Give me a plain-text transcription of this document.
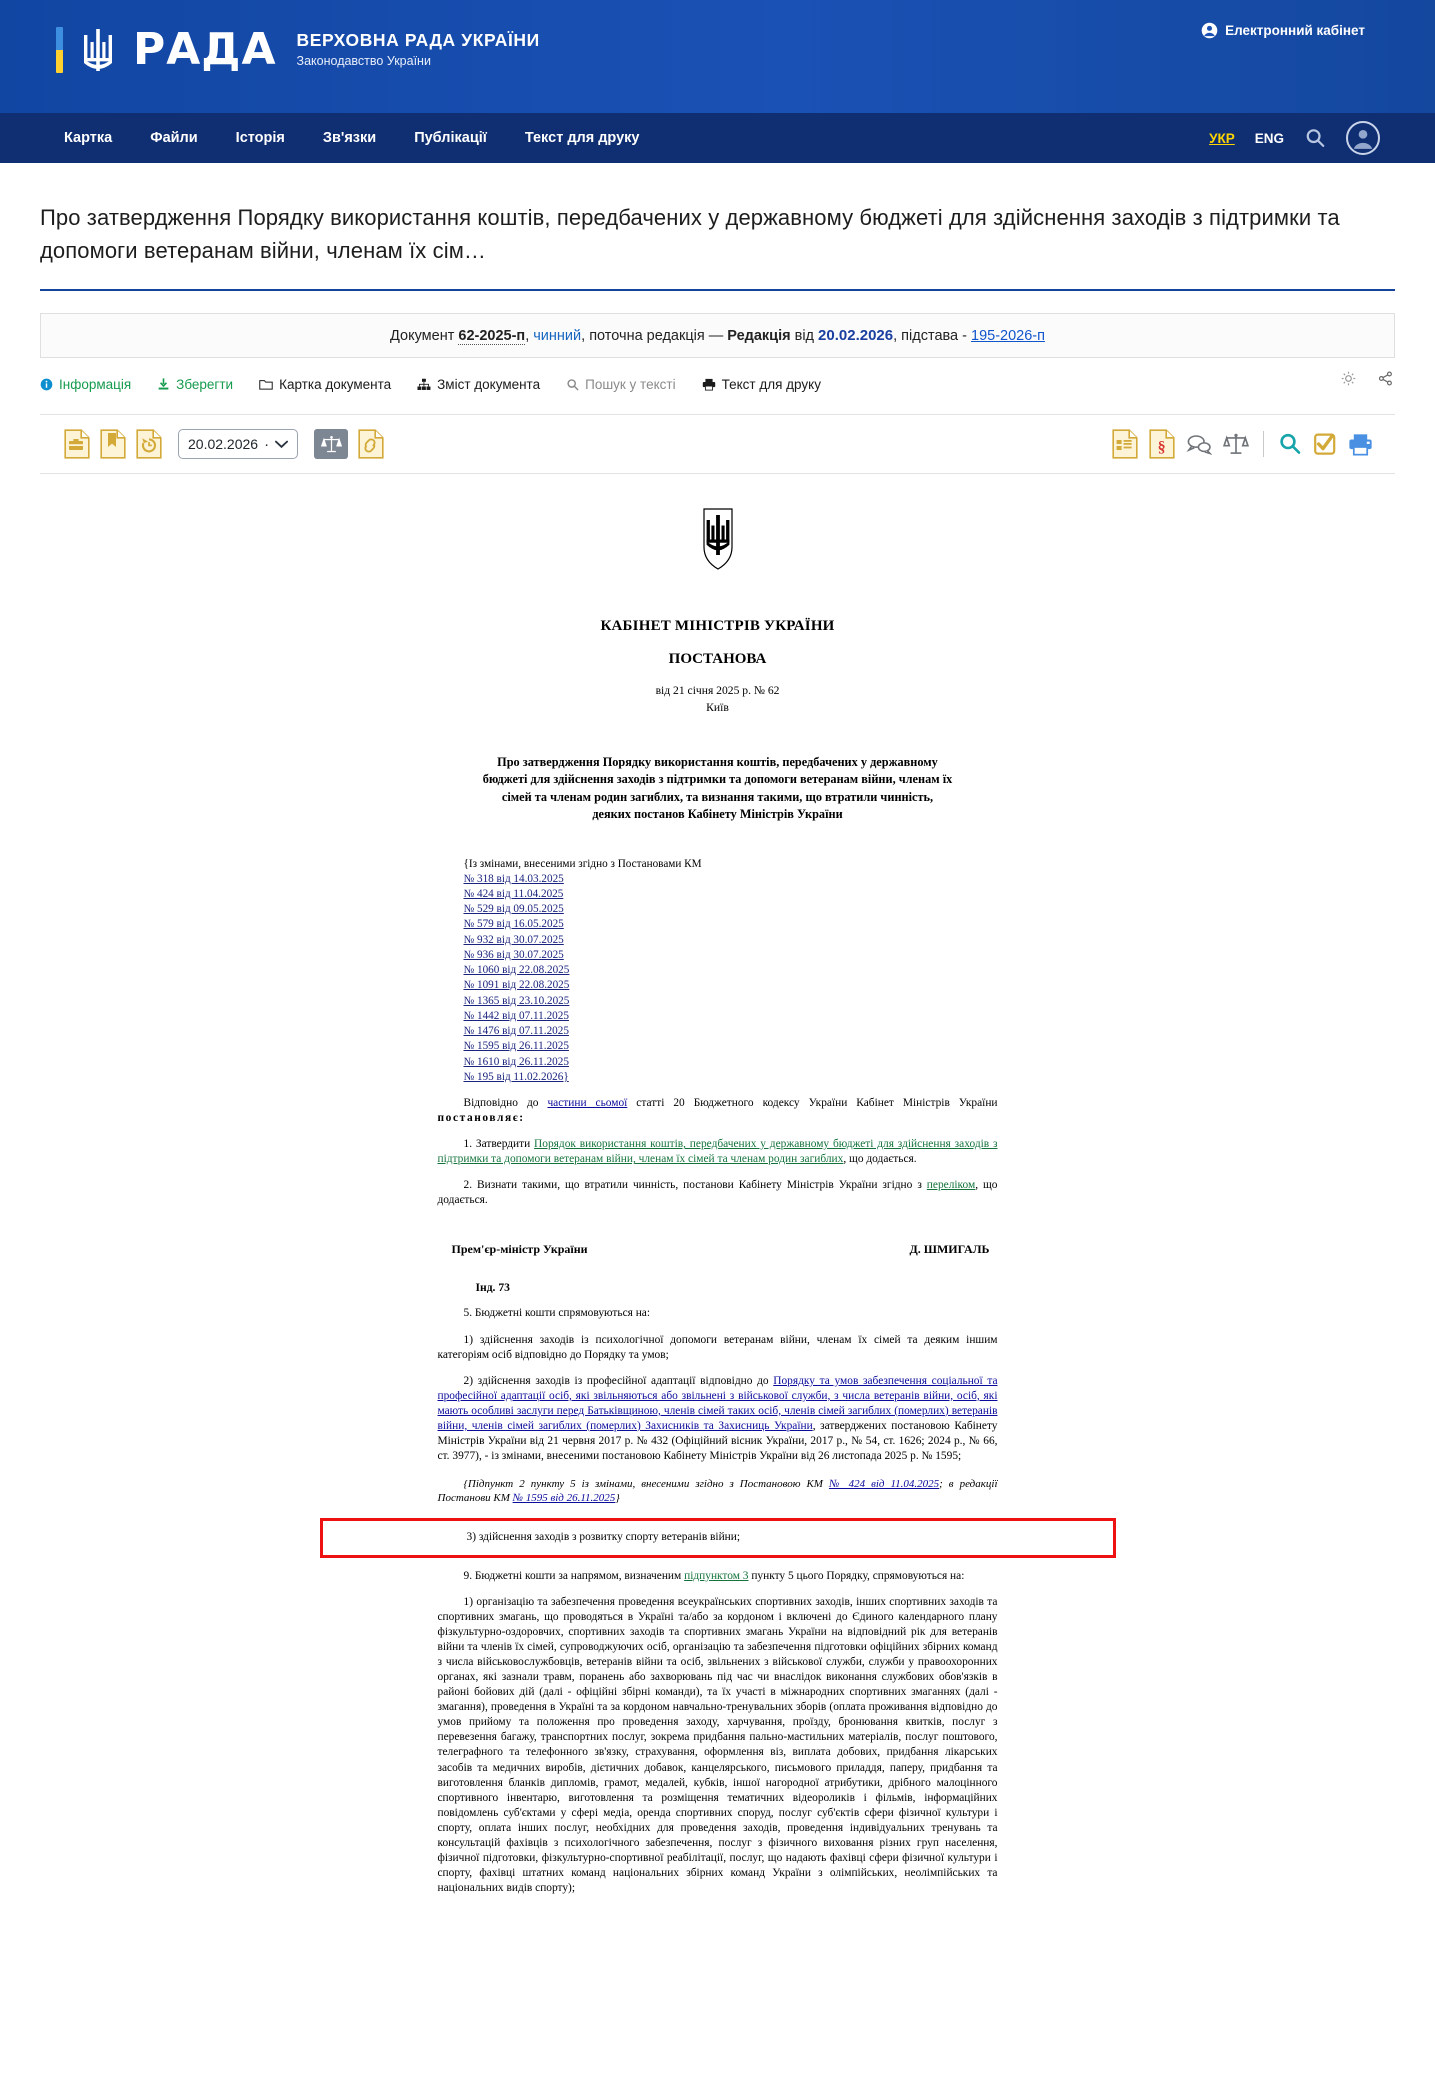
РАДА ВЕРХОВНА РАДА УКРАЇНИ
Законодавство України
Електронний кабінет
Картка	Файли	Історія	Зв'язки	Публікації	Текст для друку	УКР ENG
Про затвердження Порядку використання коштів, передбачених у державному бюджеті для здійснення заходів з підтримки та допомоги ветеранам війни, членам їх сім…
Документ 62-2025-п, чинний, поточна редакція — Редакція від 20.02.2026, підстава - 195-2026-п
Інформація	Зберегти	Картка документа	Зміст документа	Пошук у тексті	Текст для друку
20.02.2026 ·	§
КАБІНЕТ МІНІСТРІВ УКРАЇНИ
ПОСТАНОВА
від 21 січня 2025 р. № 62
Київ
Про затвердження Порядку використання коштів, передбачених у державному бюджеті для здійснення заходів з підтримки та допомоги ветеранам війни, членам їх сімей та членам родин загиблих, та визнання такими, що втратили чинність, деяких постанов Кабінету Міністрів України
{Із змінами, внесеними згідно з Постановами КМ
№ 318 від 14.03.2025
№ 424 від 11.04.2025
№ 529 від 09.05.2025
№ 579 від 16.05.2025
№ 932 від 30.07.2025
№ 936 від 30.07.2025
№ 1060 від 22.08.2025
№ 1091 від 22.08.2025
№ 1365 від 23.10.2025
№ 1442 від 07.11.2025
№ 1476 від 07.11.2025
№ 1595 від 26.11.2025
№ 1610 від 26.11.2025
№ 195 від 11.02.2026}

Відповідно до частини сьомої статті 20 Бюджетного кодексу України Кабінет Міністрів України постановляє:

1. Затвердити Порядок використання коштів, передбачених у державному бюджеті для здійснення заходів з підтримки та допомоги ветеранам війни, членам їх сімей та членам родин загиблих, що додається.

2. Визнати такими, що втратили чинність, постанови Кабінету Міністрів України згідно з переліком, що додається.

Прем'єр-міністр України	Д. ШМИГАЛЬ
Інд. 73

5. Бюджетні кошти спрямовуються на:

1) здійснення заходів із психологічної допомоги ветеранам війни, членам їх сімей та деяким іншим категоріям осіб відповідно до Порядку та умов;

2) здійснення заходів із професійної адаптації відповідно до Порядку та умов забезпечення соціальної та професійної адаптації осіб, які звільняються або звільнені з військової служби, з числа ветеранів війни, осіб, які мають особливі заслуги перед Батьківщиною, членів сімей таких осіб, членів сімей загиблих (померлих) ветеранів війни, членів сімей загиблих (померлих) Захисників та Захисниць України, затверджених постановою Кабінету Міністрів України від 21 червня 2017 р. № 432 (Офіційний вісник України, 2017 р., № 54, ст. 1626; 2024 р., № 66, ст. 3977), - із змінами, внесеними постановою Кабінету Міністрів України від 26 листопада 2025 р. № 1595;

{Підпункт 2 пункту 5 із змінами, внесеними згідно з Постановою КМ № 424 від 11.04.2025; в редакції Постанови КМ № 1595 від 26.11.2025}

3) здійснення заходів з розвитку спорту ветеранів війни;

9. Бюджетні кошти за напрямом, визначеним підпунктом 3 пункту 5 цього Порядку, спрямовуються на:

1) організацію та забезпечення проведення всеукраїнських спортивних заходів, інших спортивних заходів та спортивних змагань, що проводяться в Україні та/або за кордоном і включені до Єдиного календарного плану фізкультурно-оздоровчих, спортивних заходів та спортивних змагань України на відповідний рік для ветеранів війни та членів їх сімей, супроводжуючих осіб, організацію та забезпечення підготовки офіційних збірних команд з числа військовослужбовців, ветеранів війни та осіб, звільнених з військової служби, служби у правоохоронних органах, які зазнали травм, поранень або захворювань під час чи внаслідок виконання службових обов'язків в районі бойових дій (далі - офіційні збірні команди), та їх участі в міжнародних спортивних змаганнях (далі - змагання), проведення в Україні та за кордоном навчально-тренувальних зборів (оплата проживання відповідно до умов прийому та положення про проведення заходу, харчування, проїзду, бронювання квитків, послуг з перевезення багажу, транспортних послуг, зокрема придбання пально-мастильних матеріалів, послуг поштового, телеграфного та телефонного зв'язку, страхування, оформлення віз, виплата добових, придбання лікарських засобів та медичних виробів, дієтичних добавок, канцелярського, письмового приладдя, паперу, придбання та виготовлення бланків дипломів, грамот, медалей, кубків, іншої нагородної атрибутики, дрібного малоцінного спортивного інвентарю, виготовлення та розміщення тематичних відеороликів і фільмів, інформаційних повідомлень суб'єктами у сфері медіа, оренда спортивних споруд, послуг суб'єктів сфери фізичної культури і спорту, оплата інших послуг, необхідних для проведення заходів, проведення індивідуальних тренувань та консультацій фахівців з психологічного забезпечення, послуг з фізичного виховання різних груп населення, фізичної підготовки, фізкультурно-спортивної реабілітації, послуг, що надають фахівці сфери фізичної культури і спорту, фахівці штатних команд національних збірних команд України з олімпійських, неолімпійських та національних видів спорту);
